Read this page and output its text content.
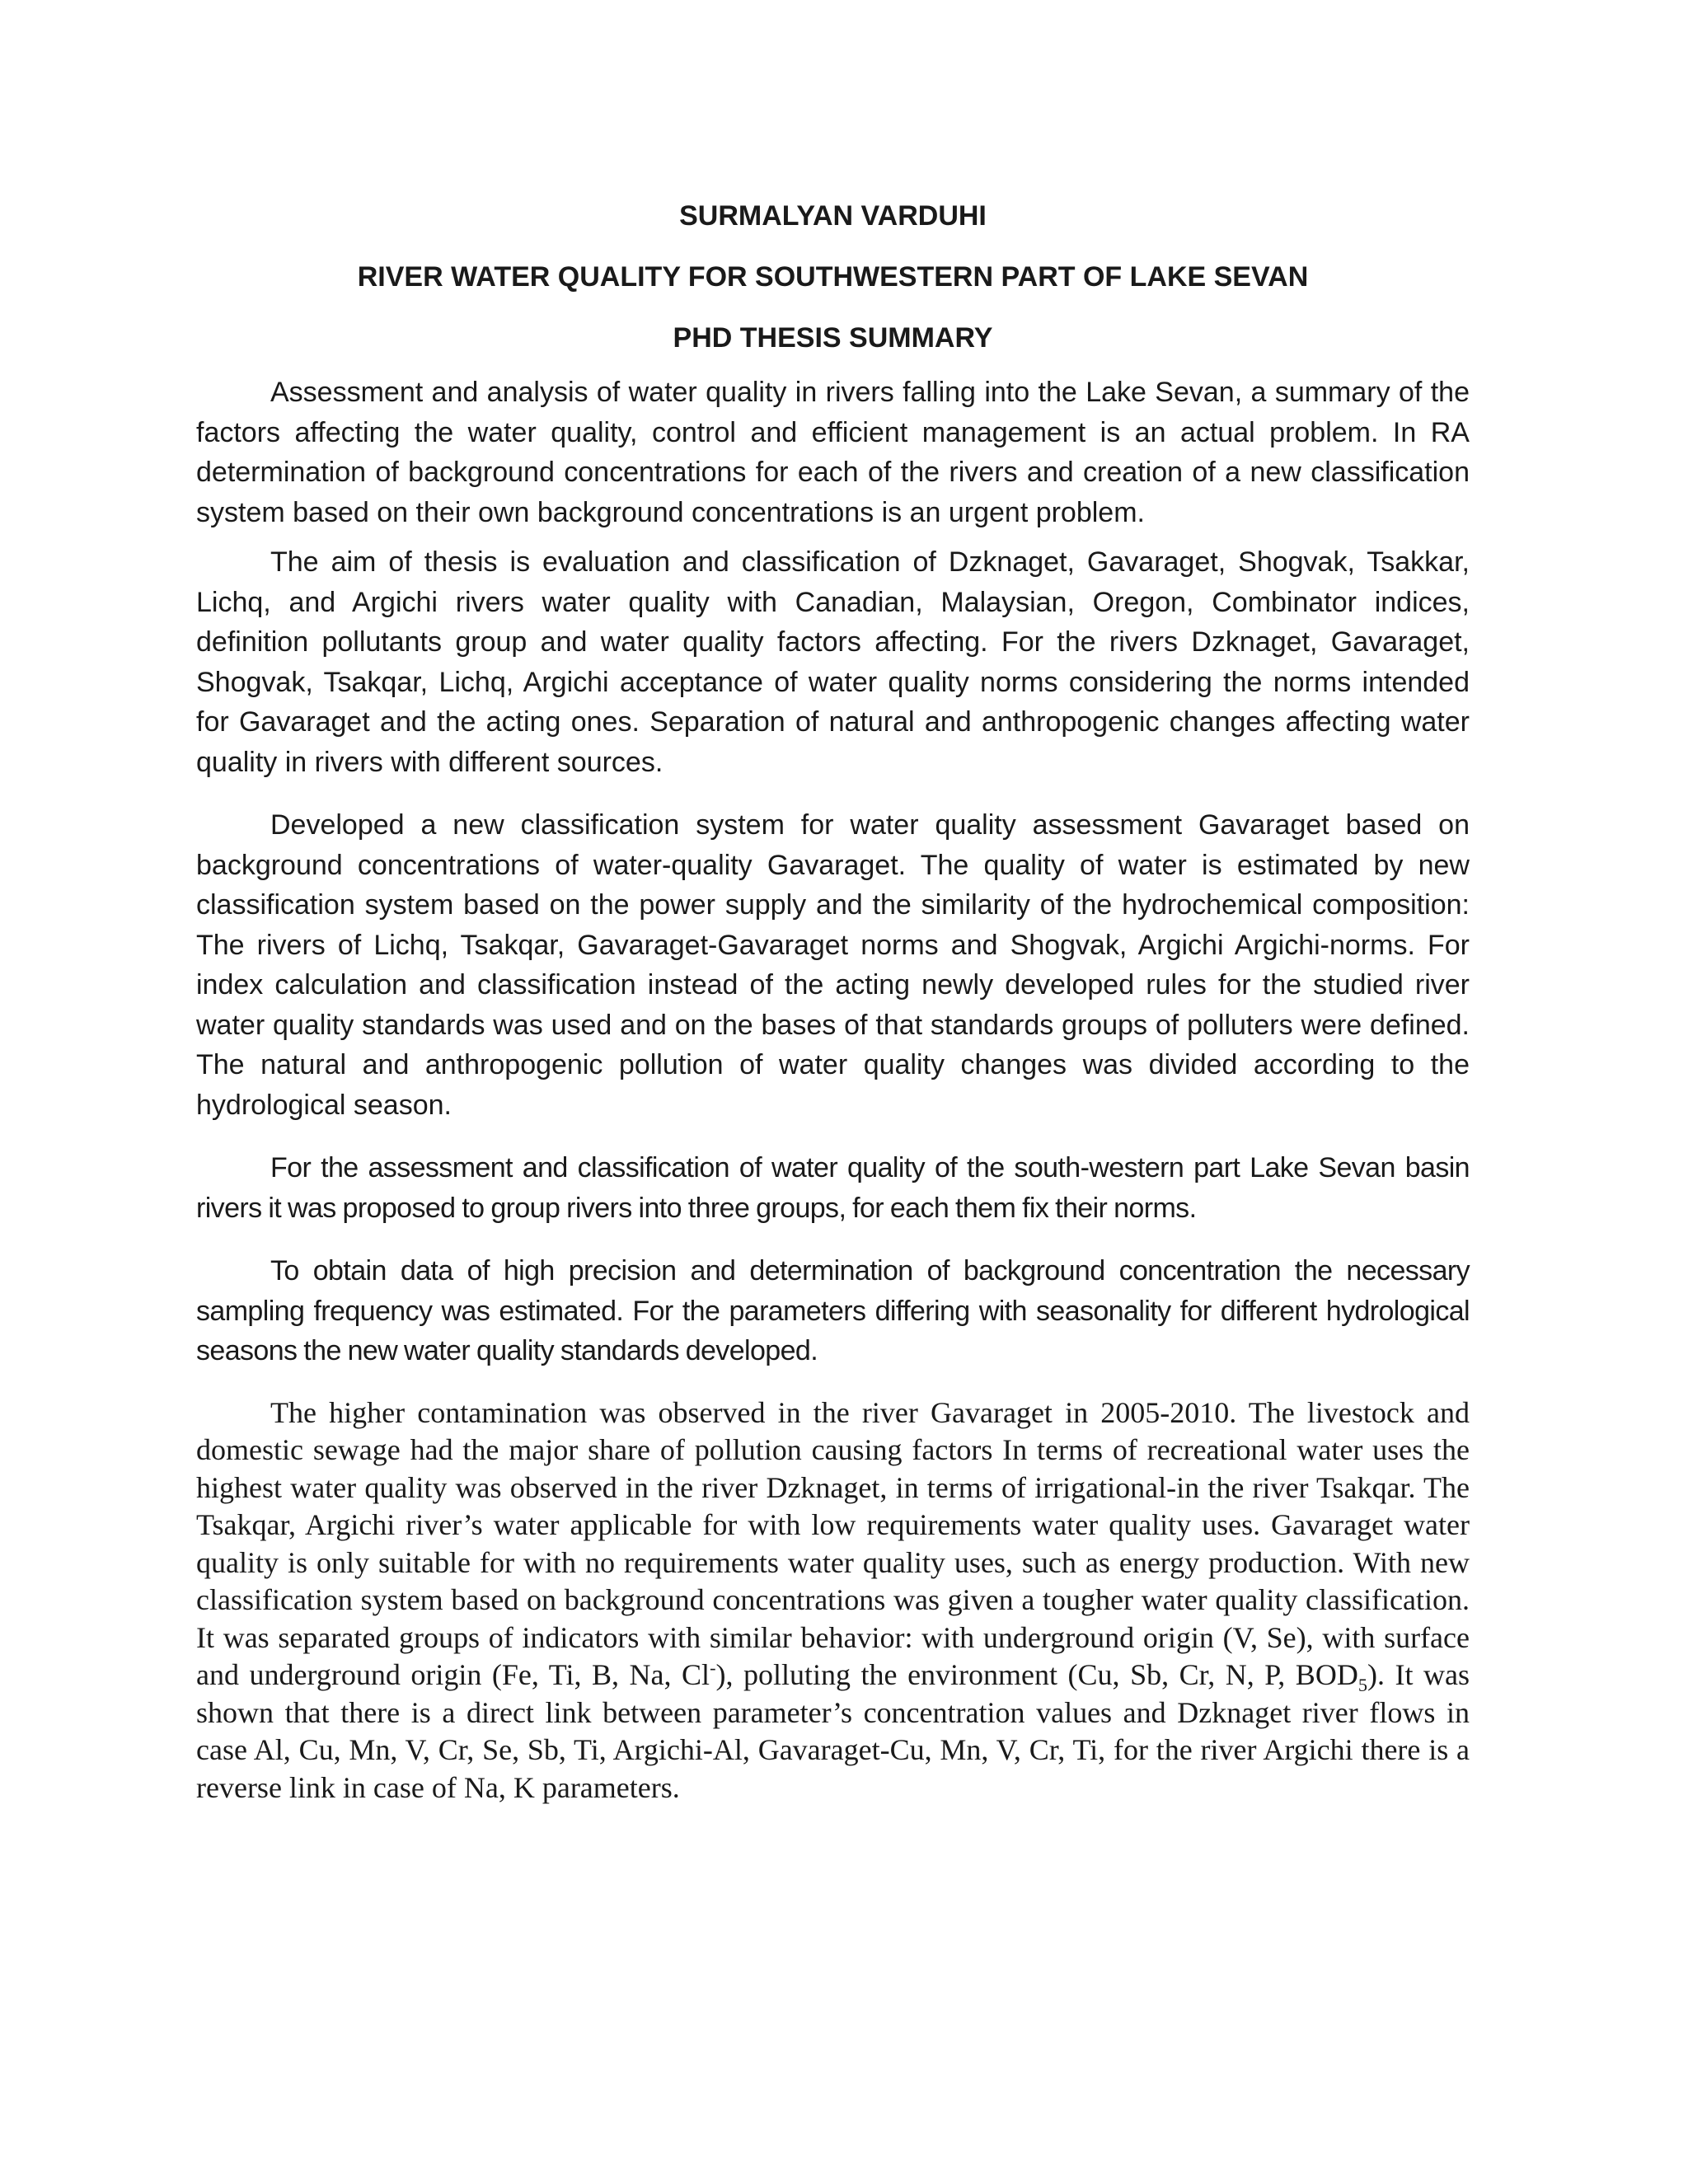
SURMALYAN VARDUHI
RIVER WATER QUALITY FOR SOUTHWESTERN PART OF LAKE SEVAN
PHD THESIS SUMMARY

Assessment and analysis of water quality in rivers falling into the Lake Sevan, a summary of the factors affecting the water quality, control and efficient management is an actual problem. In RA determination of background concentrations for each of the rivers and creation of a new classification system based on their own background concentrations is an urgent problem.

The aim of thesis is evaluation and classification of Dzknaget, Gavaraget, Shogvak, Tsakkar, Lichq, and Argichi rivers water quality with Canadian, Malaysian, Oregon, Combinator indices, definition pollutants group and water quality factors affecting. For the rivers Dzknaget, Gavaraget, Shogvak, Tsakqar, Lichq, Argichi acceptance of water quality norms considering the norms intended for Gavaraget and the acting ones. Separation of natural and anthropogenic changes affecting water quality in rivers with different sources.

Developed a new classification system for water quality assessment Gavaraget based on background concentrations of water-quality Gavaraget. The quality of water is estimated by new classification system based on the power supply and the similarity of the hydrochemical composition: The rivers of Lichq, Tsakqar, Gavaraget-Gavaraget norms and Shogvak, Argichi Argichi-norms. For index calculation and classification instead of the acting newly developed rules for the studied river water quality standards was used and on the bases of that standards groups of polluters were defined. The natural and anthropogenic pollution of water quality changes was divided according to the hydrological season.

For the assessment and classification of water quality of the south-western part Lake Sevan basin rivers it was proposed to group rivers into three groups, for each them fix their norms.

To obtain data of high precision and determination of background concentration the necessary sampling frequency was estimated. For the parameters differing with seasonality for different hydrological seasons the new water quality standards developed.

The higher contamination was observed in the river Gavaraget in 2005-2010. The livestock and domestic sewage had the major share of pollution causing factors In terms of recreational water uses the highest water quality was observed in the river Dzknaget, in terms of irrigational-in the river Tsakqar. The Tsakqar, Argichi river’s water applicable for with low requirements water quality uses. Gavaraget water quality is only suitable for with no requirements water quality uses, such as energy production. With new classification system based on background concentrations was given a tougher water quality classification. It was separated groups of indicators with similar behavior: with underground origin (V, Se), with surface and underground origin (Fe, Ti, B, Na, Cl-), polluting the environment (Cu, Sb, Cr, N, P, $BOD_5$). It was shown that there is a direct link between parameter’s concentration values and Dzknaget river flows in case Al, Cu, Mn, V, Cr, Se, Sb, Ti, Argichi-Al, Gavaraget-Cu, Mn, V, Cr, Ti, for the river Argichi there is a reverse link in case of Na, K parameters.
